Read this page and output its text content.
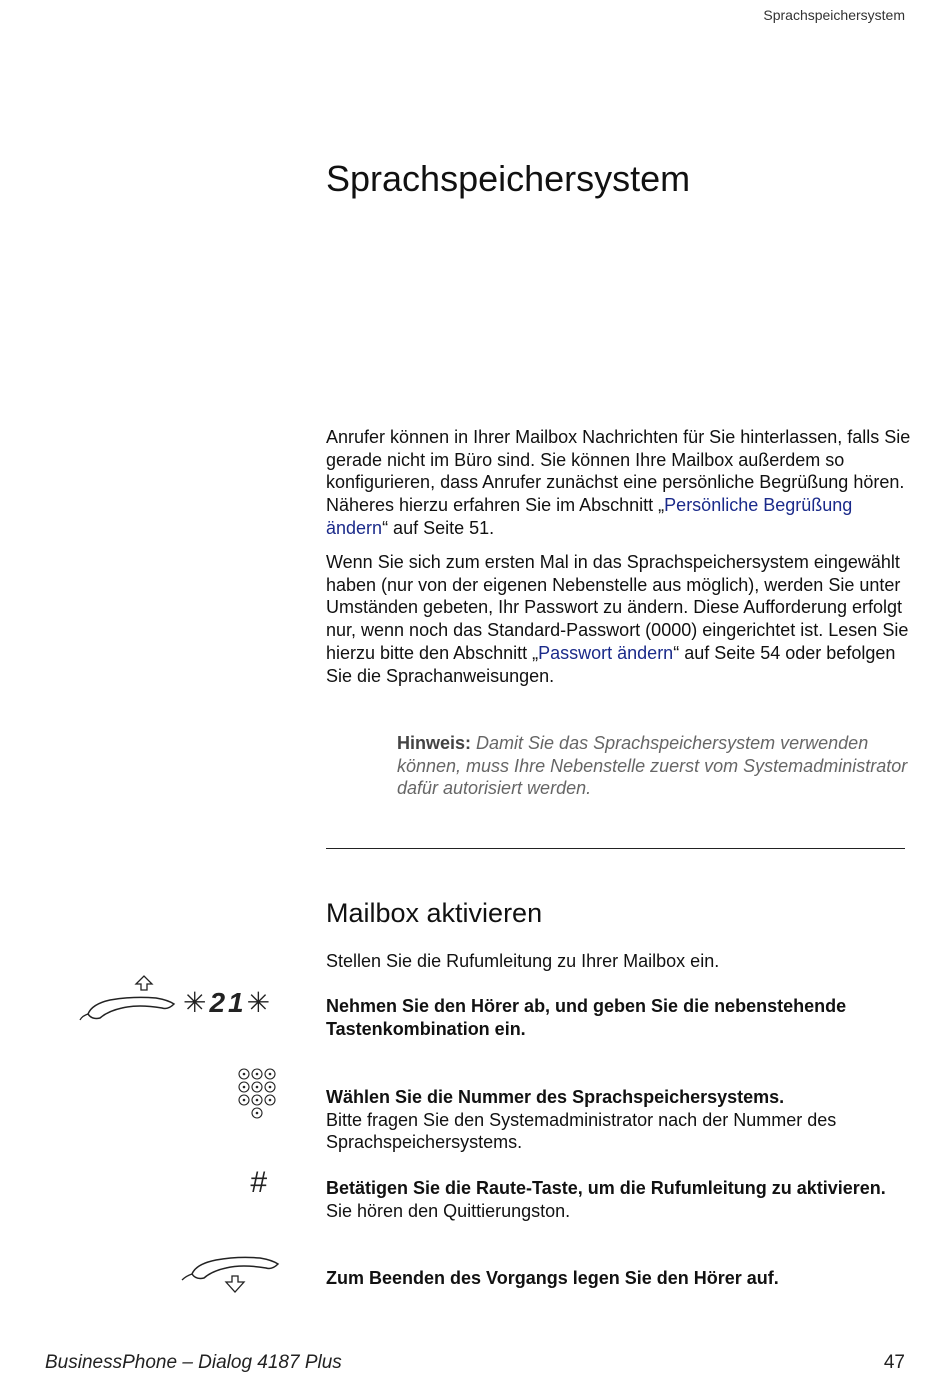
Sprachspeichersystem
Sprachspeichersystem

Anrufer können in Ihrer Mailbox Nachrichten für Sie hinterlassen, falls Sie gerade nicht im Büro sind. Sie können Ihre Mailbox außerdem so konfigurieren, dass Anrufer zunächst eine persönliche Begrüßung hören. Näheres hierzu erfahren Sie im Abschnitt „Persönliche Begrüßung ändern“ auf Seite 51.

Wenn Sie sich zum ersten Mal in das Sprachspeichersystem eingewählt haben (nur von der eigenen Nebenstelle aus möglich), werden Sie unter Umständen gebeten, Ihr Passwort zu ändern. Diese Aufforderung erfolgt nur, wenn noch das Standard-Passwort (0000) eingerichtet ist. Lesen Sie hierzu bitte den Abschnitt „Passwort ändern“ auf Seite 54 oder befolgen Sie die Sprachanweisungen.

Hinweis: Damit Sie das Sprachspeichersystem verwenden können, muss Ihre Nebenstelle zuerst vom Systemadministrator dafür autorisiert werden.

Mailbox aktivieren

Stellen Sie die Rufumleitung zu Ihrer Mailbox ein.

✳21✳	Nehmen Sie den Hörer ab, und geben Sie die nebenstehende Tastenkombination ein.

Wählen Sie die Nummer des Sprachspeichersystems.
Bitte fragen Sie den Systemadministrator nach der Nummer des Sprachspeichersystems.

#	Betätigen Sie die Raute-Taste, um die Rufumleitung zu aktivieren.
Sie hören den Quittierungston.

Zum Beenden des Vorgangs legen Sie den Hörer auf.

BusinessPhone – Dialog 4187 Plus	47
